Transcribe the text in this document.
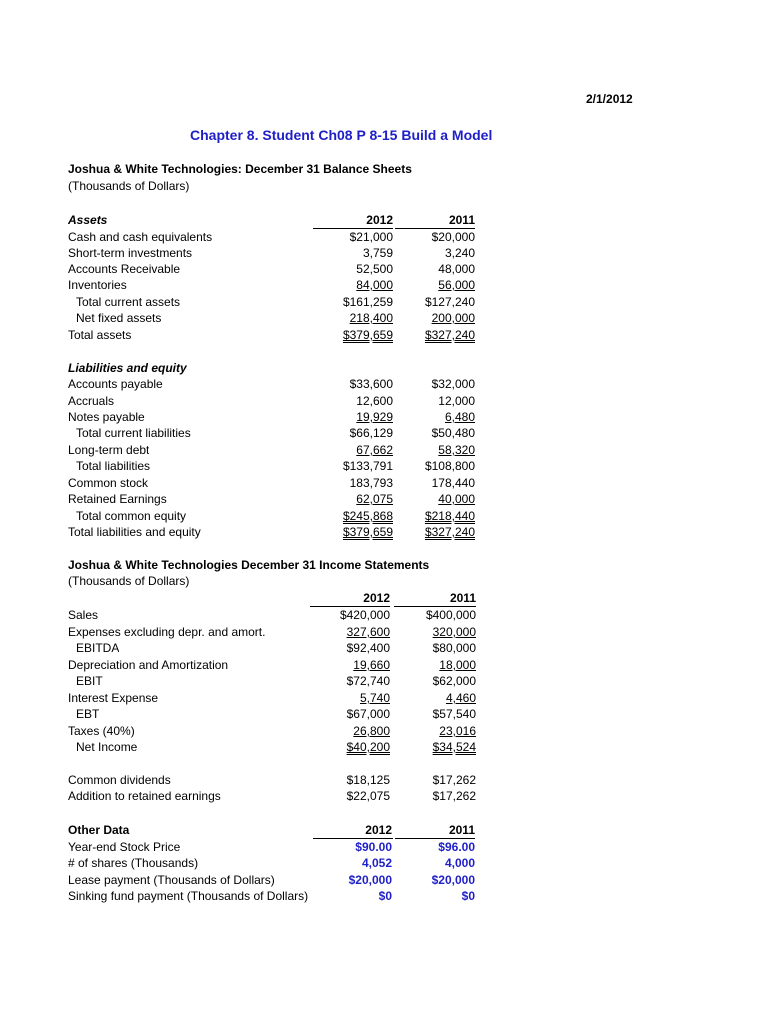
2/1/2012
Chapter 8. Student Ch08 P 8-15 Build a Model
Joshua & White Technologies: December 31 Balance Sheets
(Thousands of Dollars)
Assets	2012	2011
Cash and cash equivalents	$21,000	$20,000
Short-term investments	3,759	3,240
Accounts Receivable	52,500	48,000
Inventories	84,000	56,000
Total current assets	$161,259	$127,240
Net fixed assets	218,400	200,000
Total assets	$379,659	$327,240
Liabilities and equity
Accounts payable	$33,600	$32,000
Accruals	12,600	12,000
Notes payable	19,929	6,480
Total current liabilities	$66,129	$50,480
Long-term debt	67,662	58,320
Total liabilities	$133,791	$108,800
Common stock	183,793	178,440
Retained Earnings	62,075	40,000
Total common equity	$245,868	$218,440
Total liabilities and equity	$379,659	$327,240
Joshua & White Technologies December 31 Income Statements
(Thousands of Dollars)
2012	2011
Sales	$420,000	$400,000
Expenses excluding depr. and amort.	327,600	320,000
EBITDA	$92,400	$80,000
Depreciation and Amortization	19,660	18,000
EBIT	$72,740	$62,000
Interest Expense	5,740	4,460
EBT	$67,000	$57,540
Taxes (40%)	26,800	23,016
Net Income	$40,200	$34,524
Common dividends	$18,125	$17,262
Addition to retained earnings	$22,075	$17,262
Other Data	2012	2011
Year-end Stock Price	$90.00	$96.00
# of shares (Thousands)	4,052	4,000
Lease payment (Thousands of Dollars)	$20,000	$20,000
Sinking fund payment (Thousands of Dollars)	$0	$0
